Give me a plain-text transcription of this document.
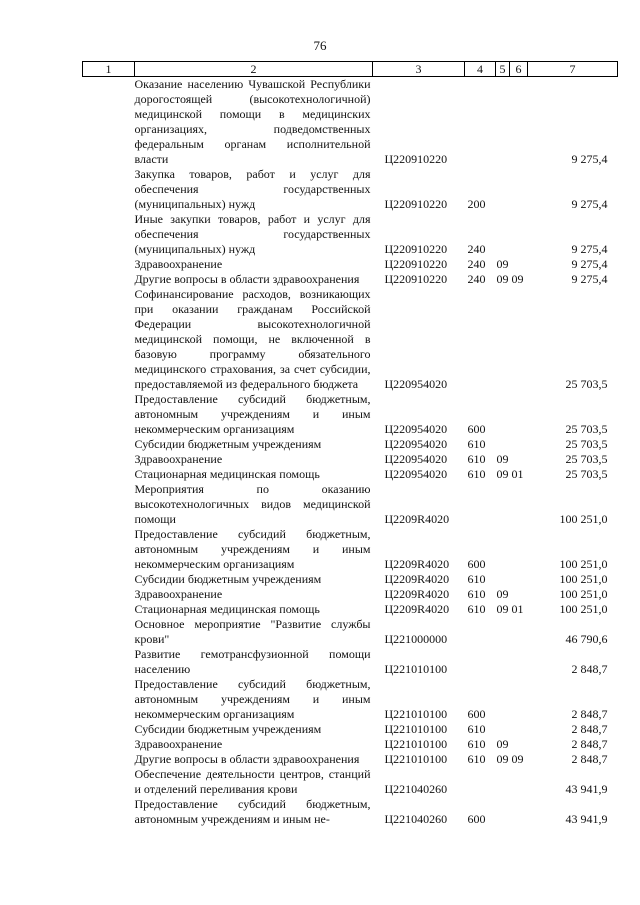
76
1	2	3	4	5	6	7
	Оказание населению Чувашской Республики дорогостоящей (высокотехнологичной) медицинской помощи в медицинских организациях, подведомственных федеральным органам исполнительной власти	Ц220910220				9 275,4
	Закупка товаров, работ и услуг для обеспечения государственных (муниципальных) нужд	Ц220910220	200			9 275,4
	Иные закупки товаров, работ и услуг для обеспечения государственных (муниципальных) нужд	Ц220910220	240			9 275,4
	Здравоохранение	Ц220910220	240	09		9 275,4
	Другие вопросы в области здравоохранения	Ц220910220	240	09	09	9 275,4
	Софинансирование расходов, возникающих при оказании гражданам Российской Федерации высокотехнологичной медицинской помощи, не включенной в базовую программу обязательного медицинского страхования, за счет субсидии, предоставляемой из федерального бюджета	Ц220954020				25 703,5
	Предоставление субсидий бюджетным, автономным учреждениям и иным некоммерческим организациям	Ц220954020	600			25 703,5
	Субсидии бюджетным учреждениям	Ц220954020	610			25 703,5
	Здравоохранение	Ц220954020	610	09		25 703,5
	Стационарная медицинская помощь	Ц220954020	610	09	01	25 703,5
	Мероприятия по оказанию высокотехнологичных видов медицинской помощи	Ц2209R4020				100 251,0
	Предоставление субсидий бюджетным, автономным учреждениям и иным некоммерческим организациям	Ц2209R4020	600			100 251,0
	Субсидии бюджетным учреждениям	Ц2209R4020	610			100 251,0
	Здравоохранение	Ц2209R4020	610	09		100 251,0
	Стационарная медицинская помощь	Ц2209R4020	610	09	01	100 251,0
	Основное мероприятие "Развитие службы крови"	Ц221000000				46 790,6
	Развитие гемотрансфузионной помощи населению	Ц221010100				2 848,7
	Предоставление субсидий бюджетным, автономным учреждениям и иным некоммерческим организациям	Ц221010100	600			2 848,7
	Субсидии бюджетным учреждениям	Ц221010100	610			2 848,7
	Здравоохранение	Ц221010100	610	09		2 848,7
	Другие вопросы в области здравоохранения	Ц221010100	610	09	09	2 848,7
	Обеспечение деятельности центров, станций и отделений переливания крови	Ц221040260				43 941,9
	Предоставление субсидий бюджетным, автономным учреждениям и иным не-	Ц221040260	600			43 941,9
